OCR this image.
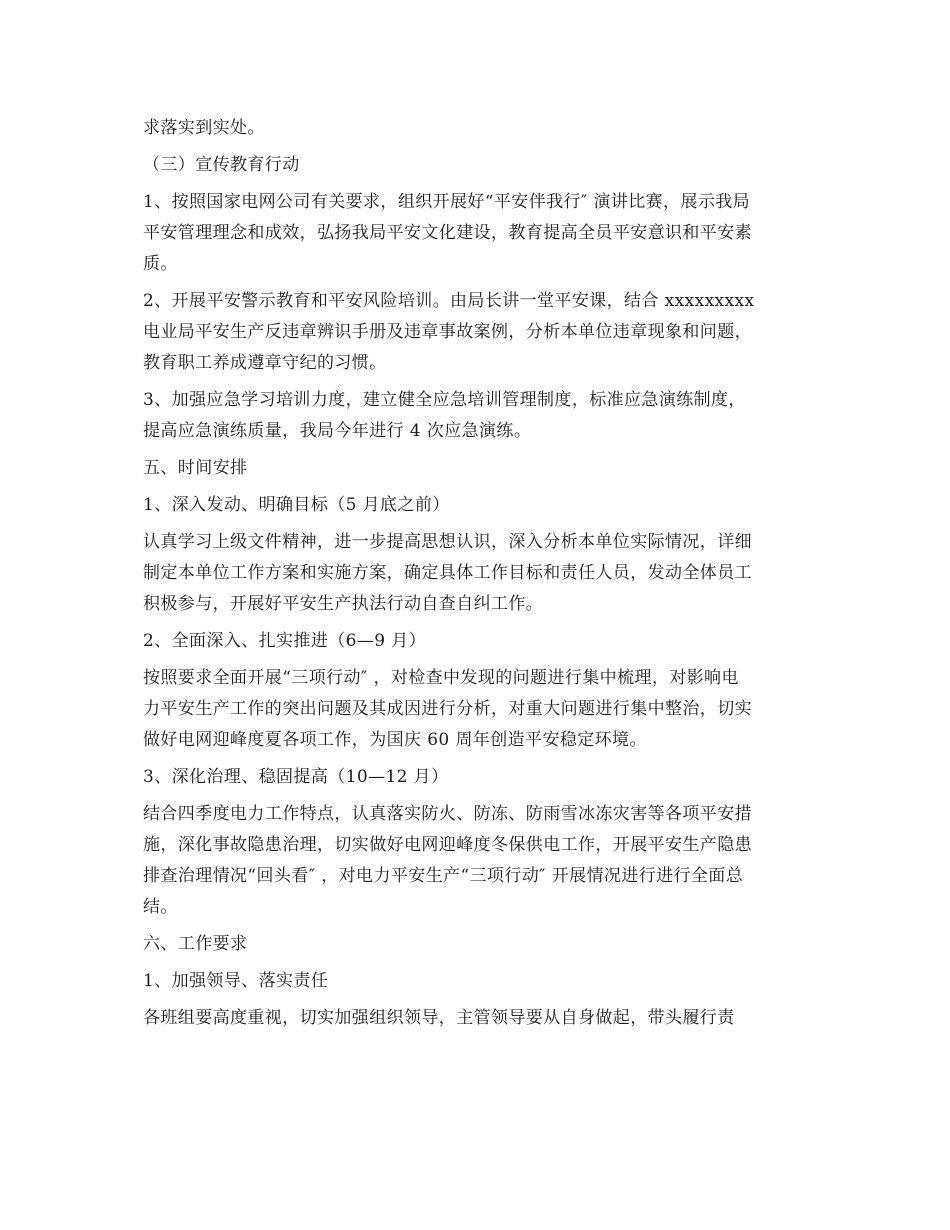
求落实到实处。
（三）宣传教育行动
1、按照国家电网公司有关要求，组织开展好“平安伴我行″ 演讲比赛，展示我局
平安管理理念和成效，弘扬我局平安文化建设，教育提高全员平安意识和平安素
质。
2、开展平安警示教育和平安风险培训。由局长讲一堂平安课，结合 xxxxxxxxx
电业局平安生产反违章辨识手册及违章事故案例，分析本单位违章现象和问题，
教育职工养成遵章守纪的习惯。
3、加强应急学习培训力度，建立健全应急培训管理制度，标准应急演练制度，
提高应急演练质量，我局今年进行 4 次应急演练。
五、时间安排
1、深入发动、明确目标（5 月底之前）
认真学习上级文件精神，进一步提高思想认识，深入分析本单位实际情况，详细
制定本单位工作方案和实施方案，确定具体工作目标和责任人员，发动全体员工
积极参与，开展好平安生产执法行动自查自纠工作。
2、全面深入、扎实推进（6—9 月）
按照要求全面开展“三项行动″ ，对检查中发现的问题进行集中梳理，对影响电
力平安生产工作的突出问题及其成因进行分析，对重大问题进行集中整治，切实
做好电网迎峰度夏各项工作，为国庆 60 周年创造平安稳定环境。
3、深化治理、稳固提高（10—12 月）
结合四季度电力工作特点，认真落实防火、防冻、防雨雪冰冻灾害等各项平安措
施，深化事故隐患治理，切实做好电网迎峰度冬保供电工作，开展平安生产隐患
排查治理情况“回头看″ ，对电力平安生产“三项行动″ 开展情况进行进行全面总
结。
六、工作要求
1、加强领导、落实责任
各班组要高度重视，切实加强组织领导，主管领导要从自身做起，带头履行责
